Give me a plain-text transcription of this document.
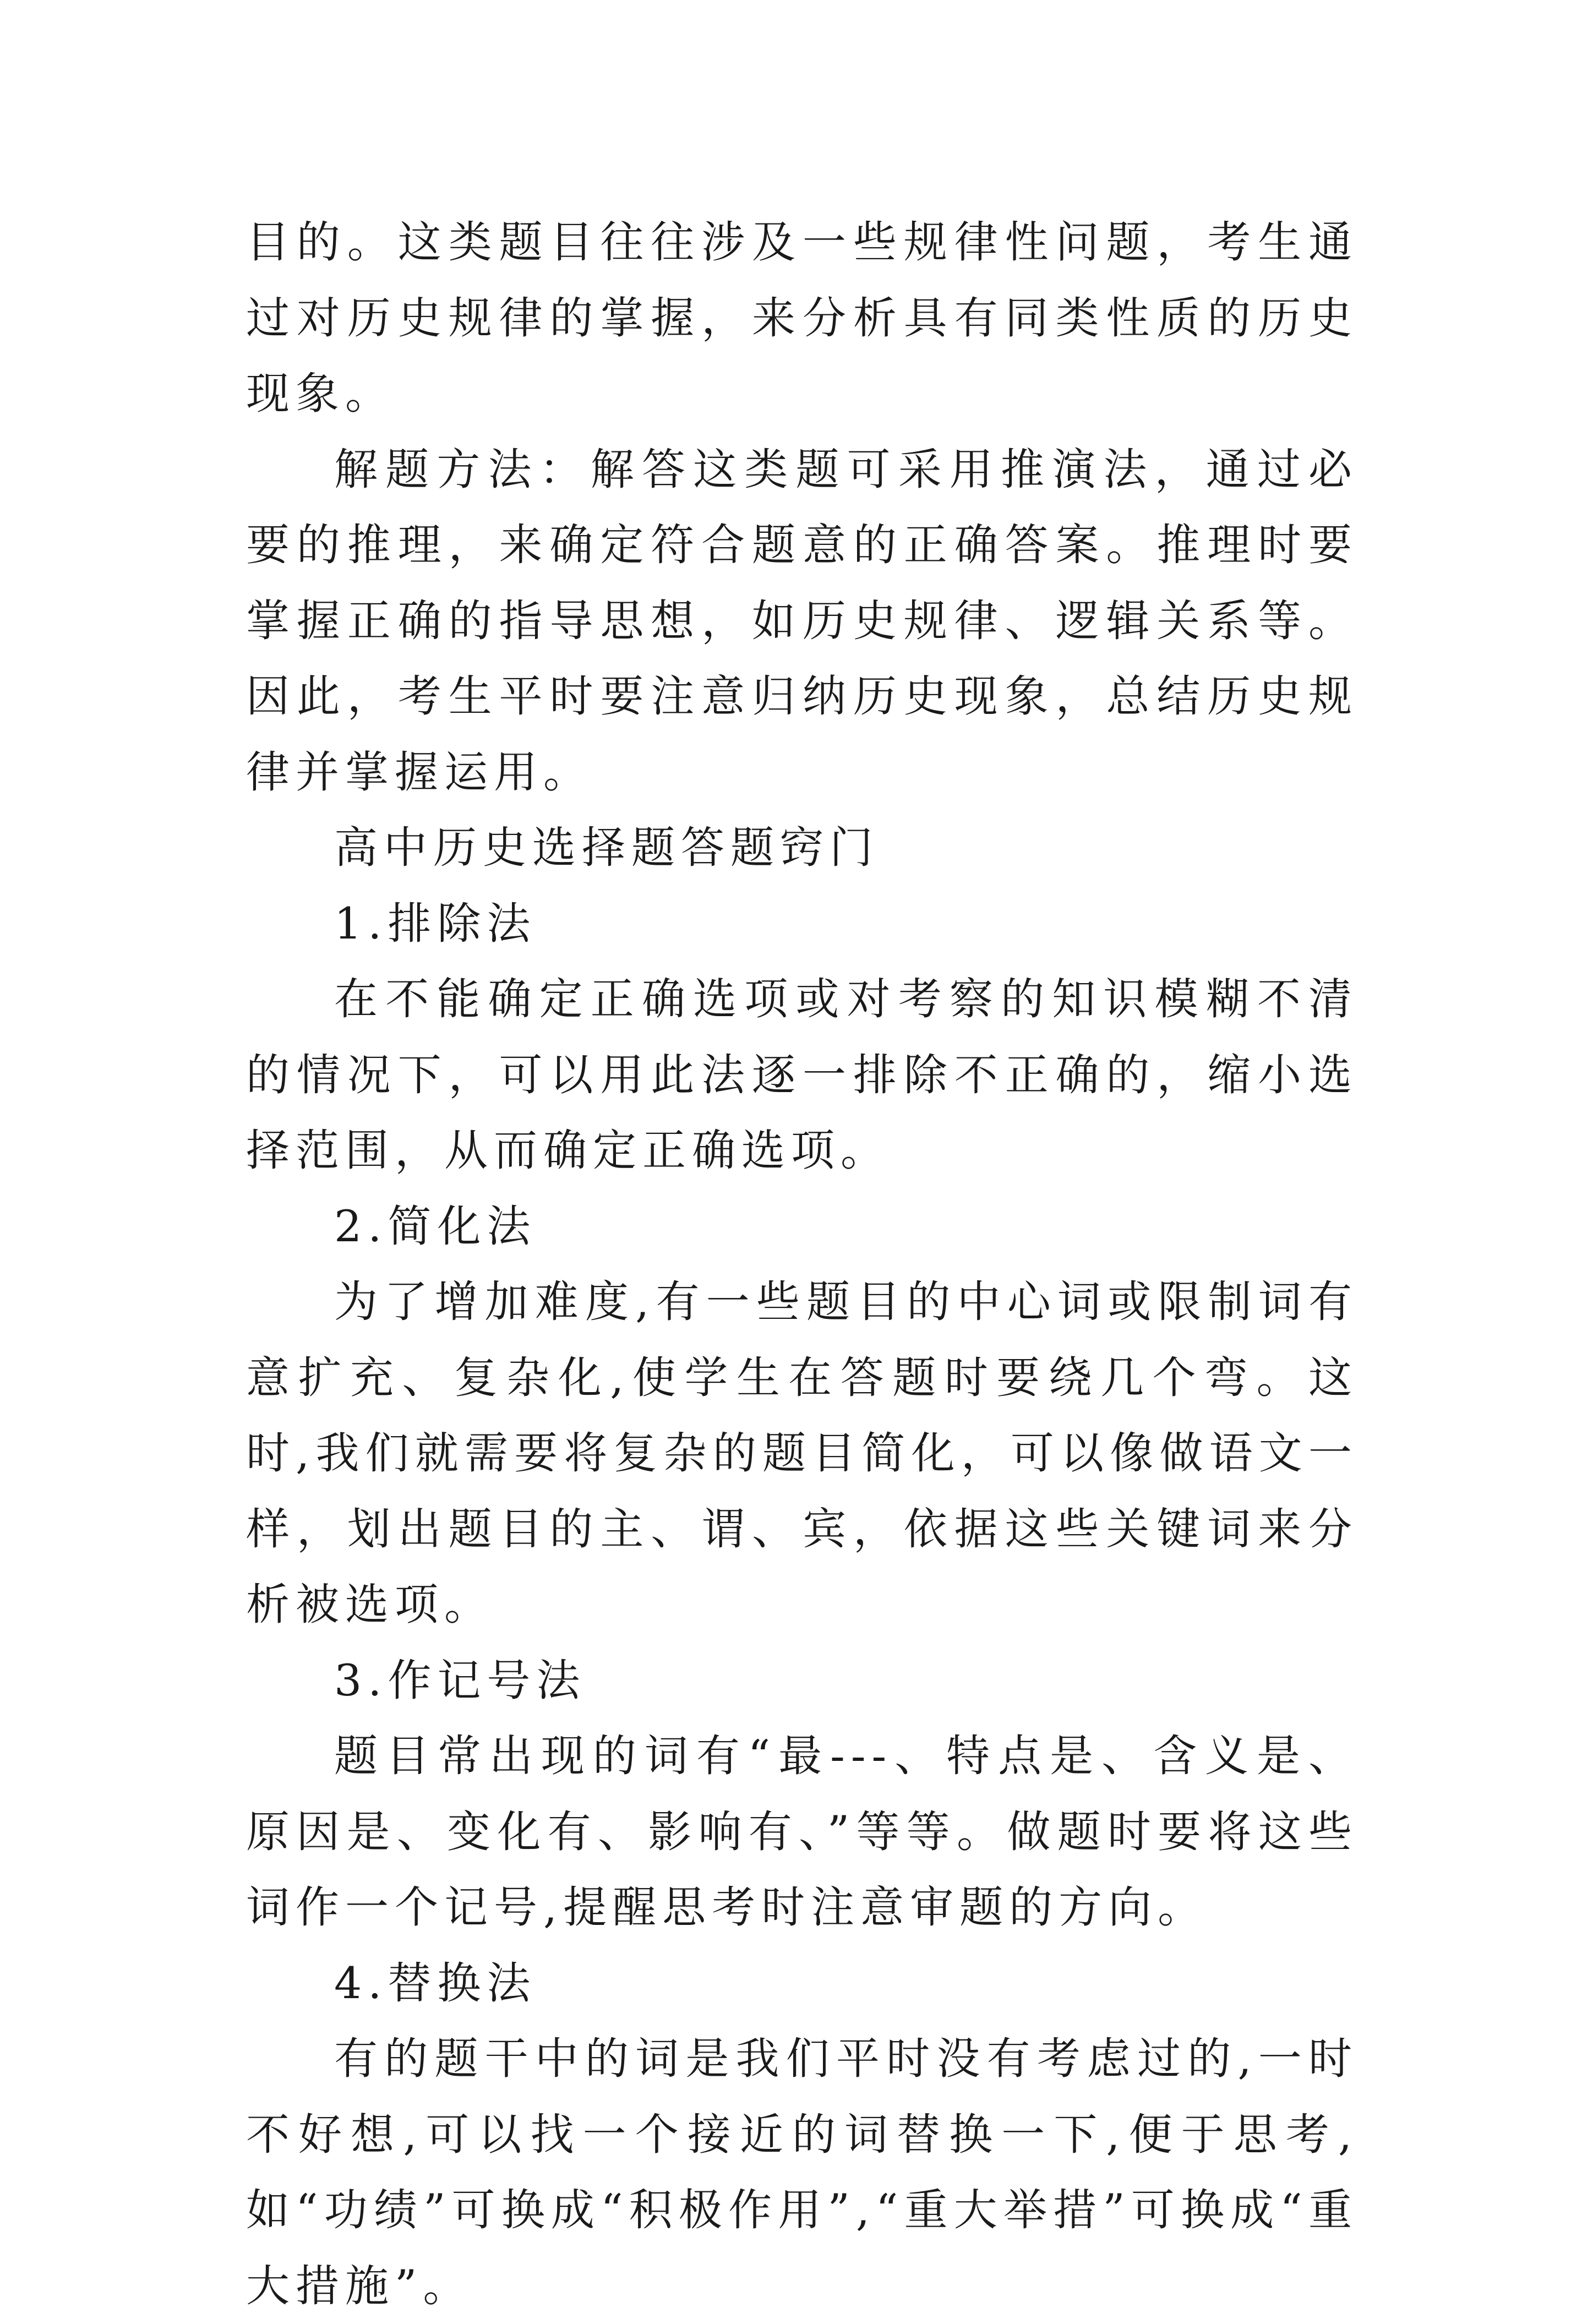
目的。这类题目往往涉及一些规律性问题，考生通过对历史规律的掌握，来分析具有同类性质的历史现象。

解题方法：解答这类题可采用推演法，通过必要的推理，来确定符合题意的正确答案。推理时要掌握正确的指导思想，如历史规律、逻辑关系等。因此，考生平时要注意归纳历史现象，总结历史规律并掌握运用。

高中历史选择题答题窍门

1.排除法

在不能确定正确选项或对考察的知识模糊不清的情况下，可以用此法逐一排除不正确的，缩小选择范围，从而确定正确选项。

2.简化法

为了增加难度,有一些题目的中心词或限制词有意扩充、复杂化,使学生在答题时要绕几个弯。这时,我们就需要将复杂的题目简化，可以像做语文一样，划出题目的主、谓、宾，依据这些关键词来分析被选项。

3.作记号法

题目常出现的词有“最---、特点是、含义是、原因是、变化有、影响有、”等等。做题时要将这些词作一个记号,提醒思考时注意审题的方向。

4.替换法

有的题干中的词是我们平时没有考虑过的,一时不好想,可以找一个接近的词替换一下,便于思考,如“功绩”可换成“积极作用”,“重大举措”可换成“重大措施”。
